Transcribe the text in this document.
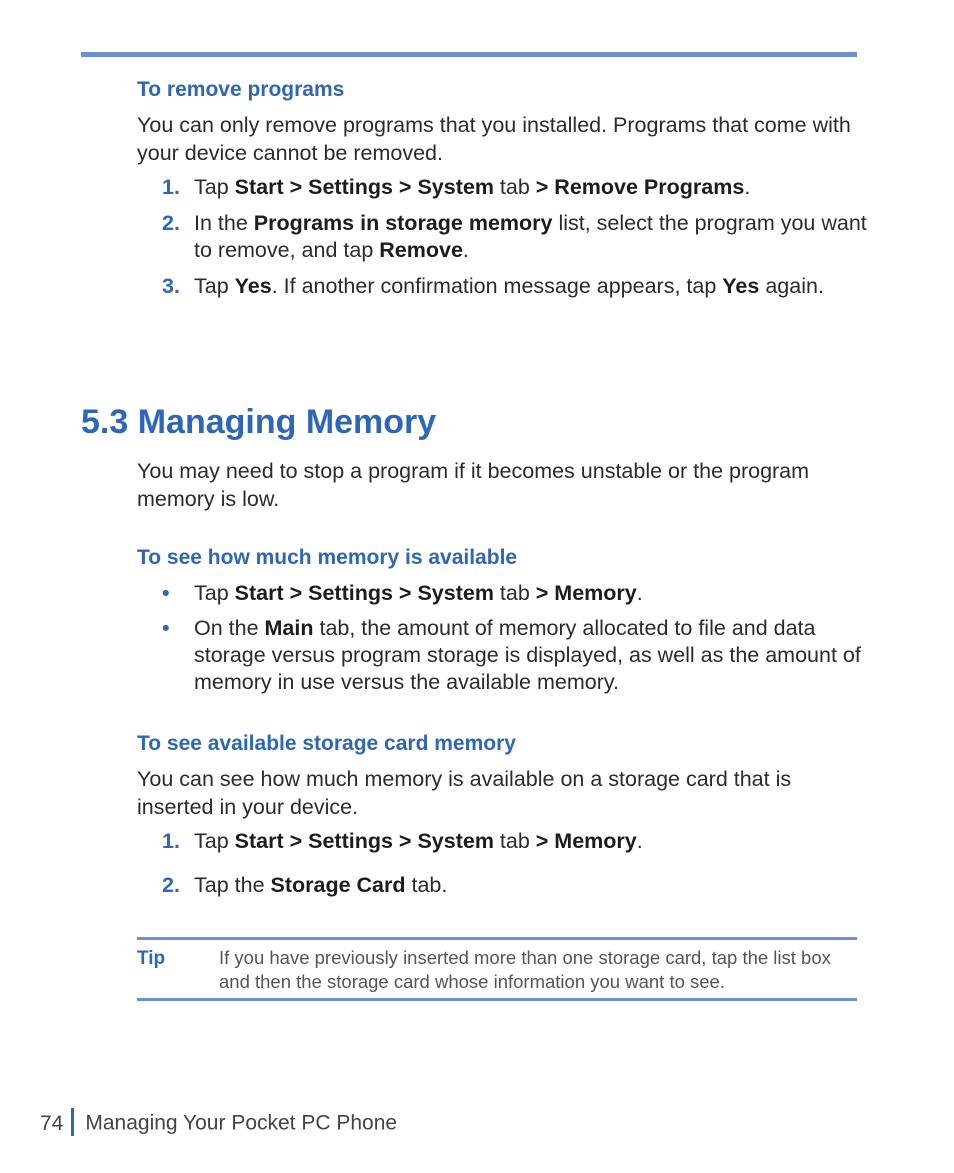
To remove programs

You can only remove programs that you installed. Programs that come with your device cannot be removed.

1. Tap Start > Settings > System tab > Remove Programs.
2. In the Programs in storage memory list, select the program you want to remove, and tap Remove.
3. Tap Yes. If another confirmation message appears, tap Yes again.
5.3 Managing Memory

You may need to stop a program if it becomes unstable or the program memory is low.

To see how much memory is available
• Tap Start > Settings > System tab > Memory.
• On the Main tab, the amount of memory allocated to file and data storage versus program storage is displayed, as well as the amount of memory in use versus the available memory.
To see available storage card memory

You can see how much memory is available on a storage card that is inserted in your device.

1. Tap Start > Settings > System tab > Memory.
2. Tap the Storage Card tab.
Tip	If you have previously inserted more than one storage card, tap the list box and then the storage card whose information you want to see.
74 Managing Your Pocket PC Phone
